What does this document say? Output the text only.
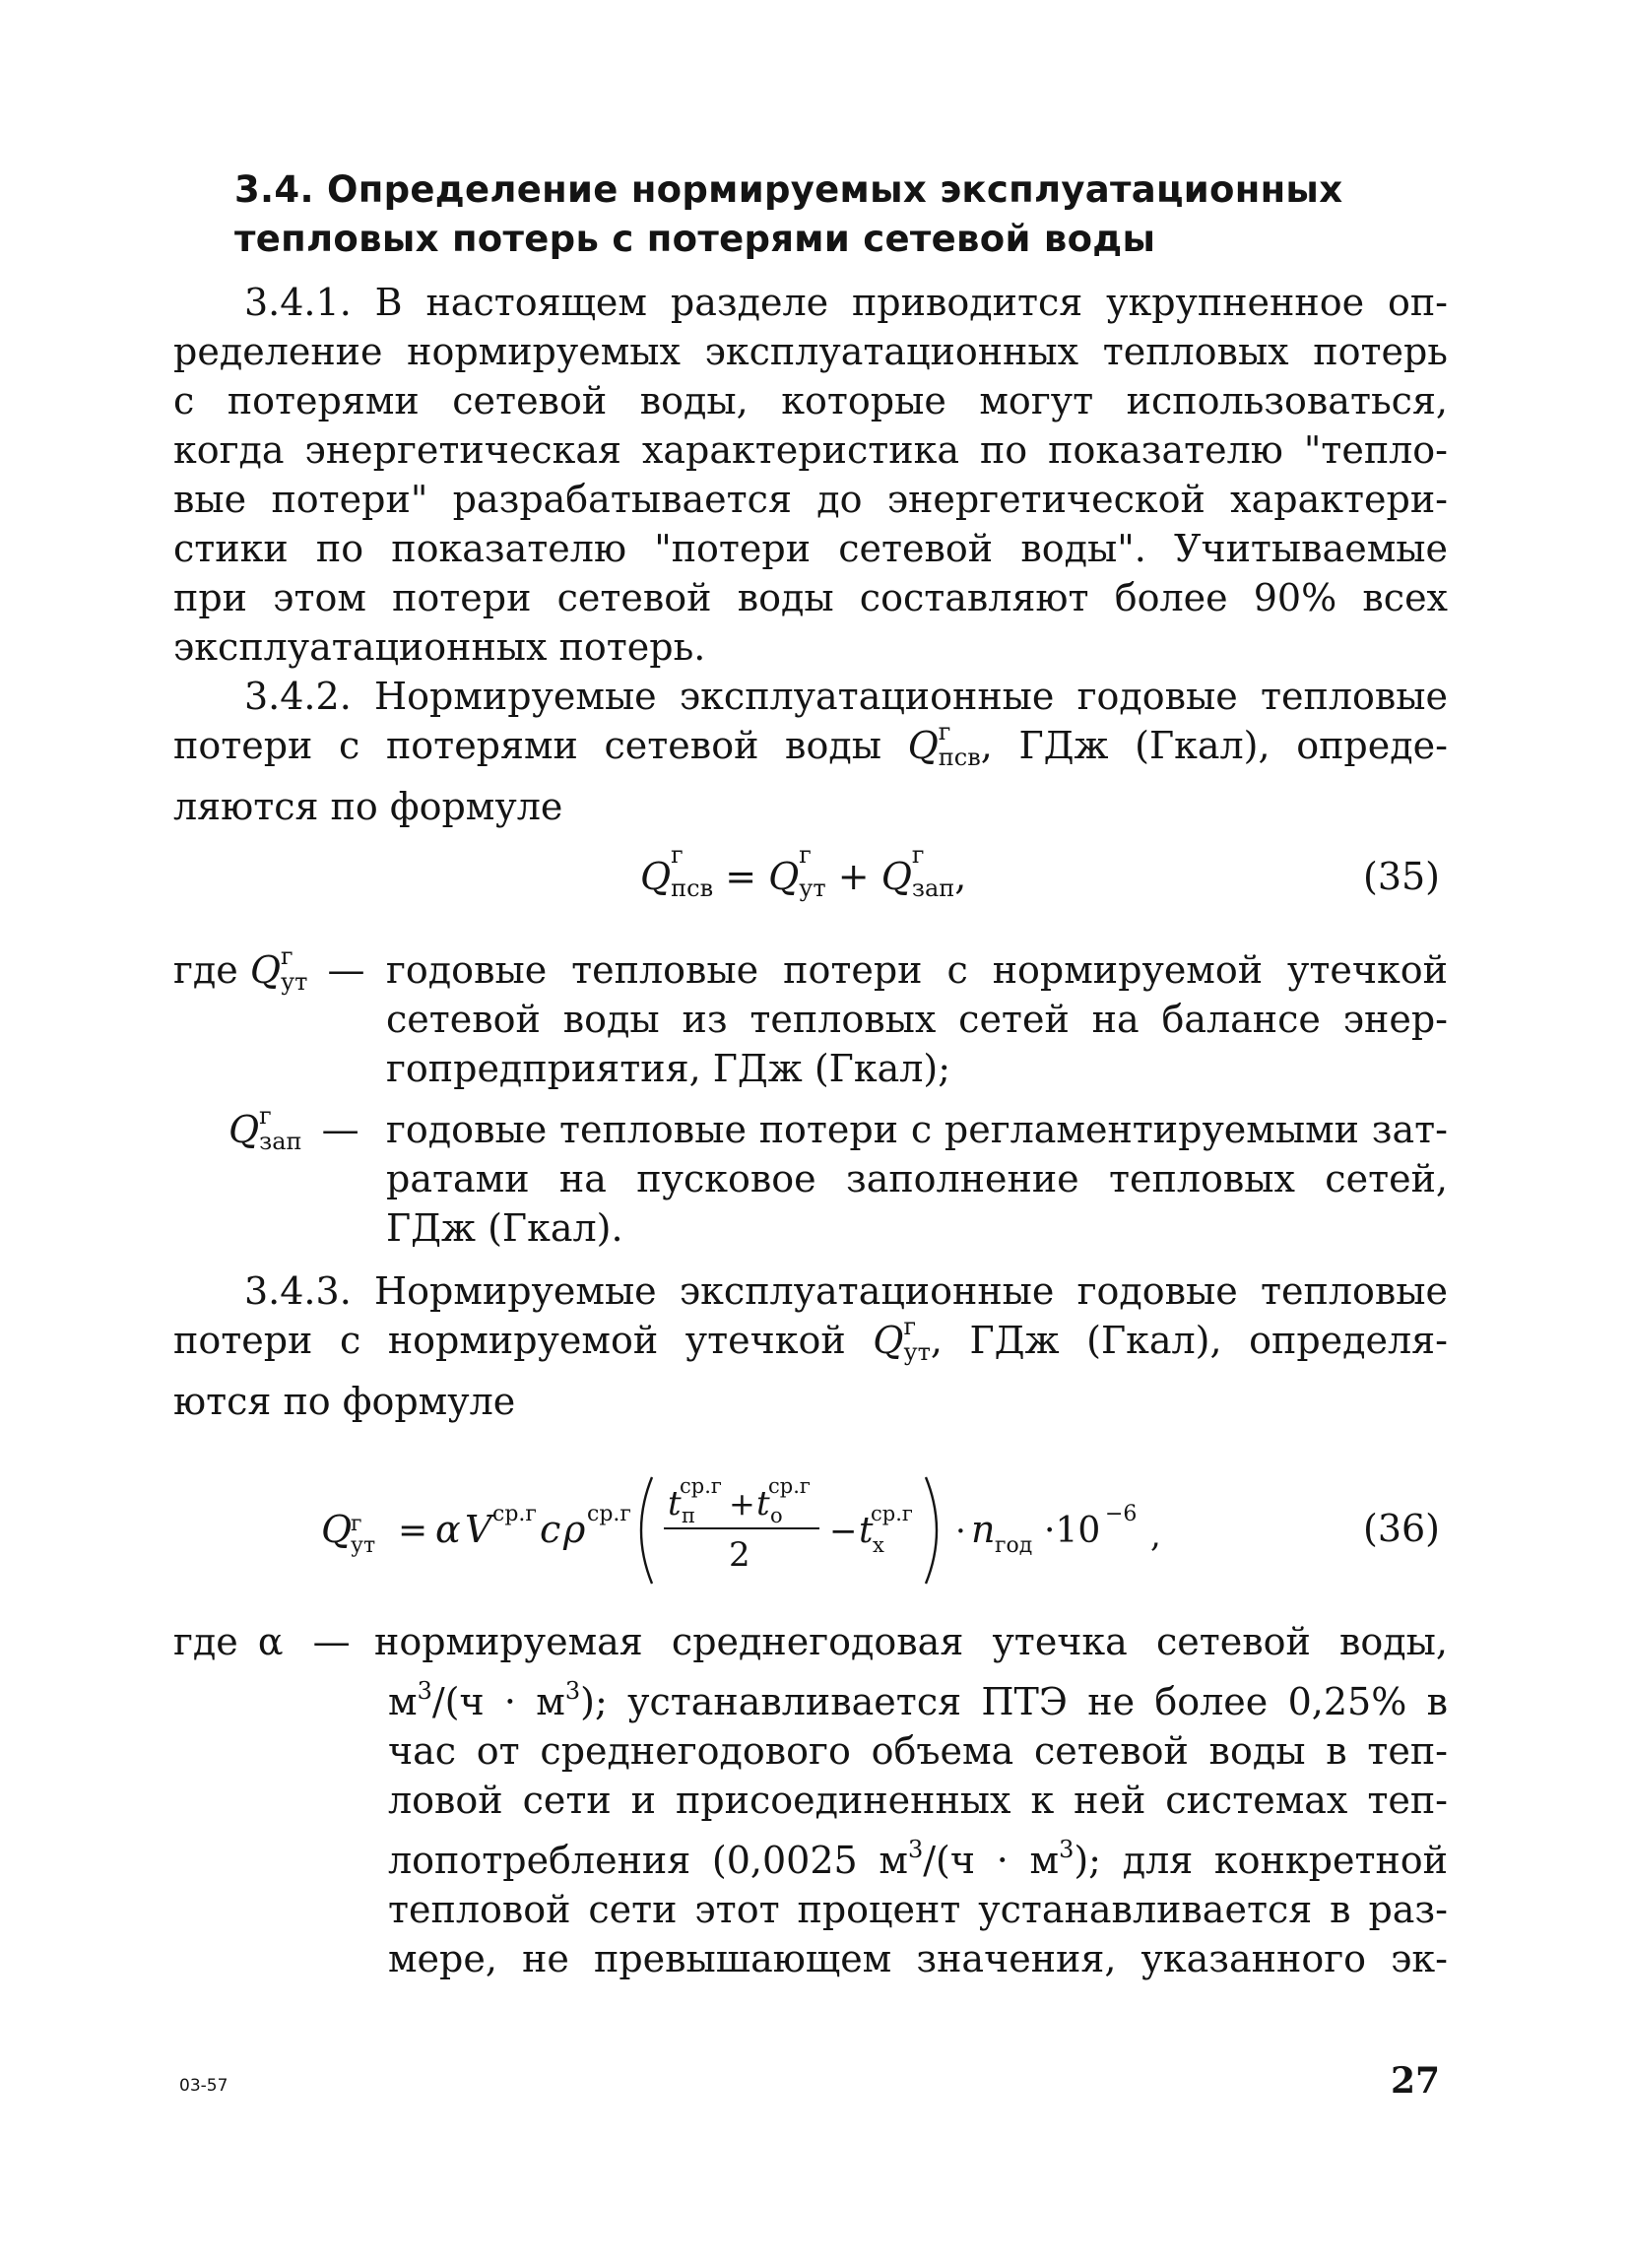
3.4. Определение нормируемых эксплуатационных
тепловых потерь с потерями сетевой воды
3.4.1. В настоящем разделе приводится укрупненное оп-
ределение нормируемых эксплуатационных тепловых потерь
с потерями сетевой воды, которые могут использоваться,
когда энергетическая характеристика по показателю "тепло-
вые потери" разрабатывается до энергетической характери-
стики по показателю "потери сетевой воды". Учитываемые
при этом потери сетевой воды составляют более 90% всех
эксплуатационных потерь.
3.4.2. Нормируемые эксплуатационные годовые тепловые
потери с потерями сетевой воды Q г
$_{псв}$, ГДж (Гкал), опреде-
ляются по формуле
Q г
$_{псв}$ = Q г
$_{ут}$ + Q г
$_{зап}$,	(35)
где Q г
$_{ут}$ — годовые тепловые потери с нормируемой утечкой
сетевой воды из тепловых сетей на балансе энер-
гопредприятия, ГДж (Гкал);
Q г
$_{зап}$ — годовые тепловые потери с регламентируемыми зат-
ратами на пусковое заполнение тепловых сетей,
ГДж (Гкал).
3.4.3. Нормируемые эксплуатационные годовые тепловые
потери с нормируемой утечкой Q г
$_{ут}$, ГДж (Гкал), определя-
ются по формуле
Q
г
ут = α V ср.г c ρ ср.г t
ср.г
п + t
ср.г
о
2
− t
ср.г
х · n год ·10 −6
,	(36)
где α — нормируемая среднегодовая утечка сетевой воды,
$м^3/(ч \cdot м^3)$; устанавливается ПТЭ не более 0,25% в
час от среднегодового объема сетевой воды в теп-
ловой сети и присоединенных к ней системах теп-
лопотребления (0,0025 $м^3/(ч \cdot м^3)$; для конкретной
тепловой сети этот процент устанавливается в раз-
мере, не превышающем значения, указанного эк-
03-57	27
